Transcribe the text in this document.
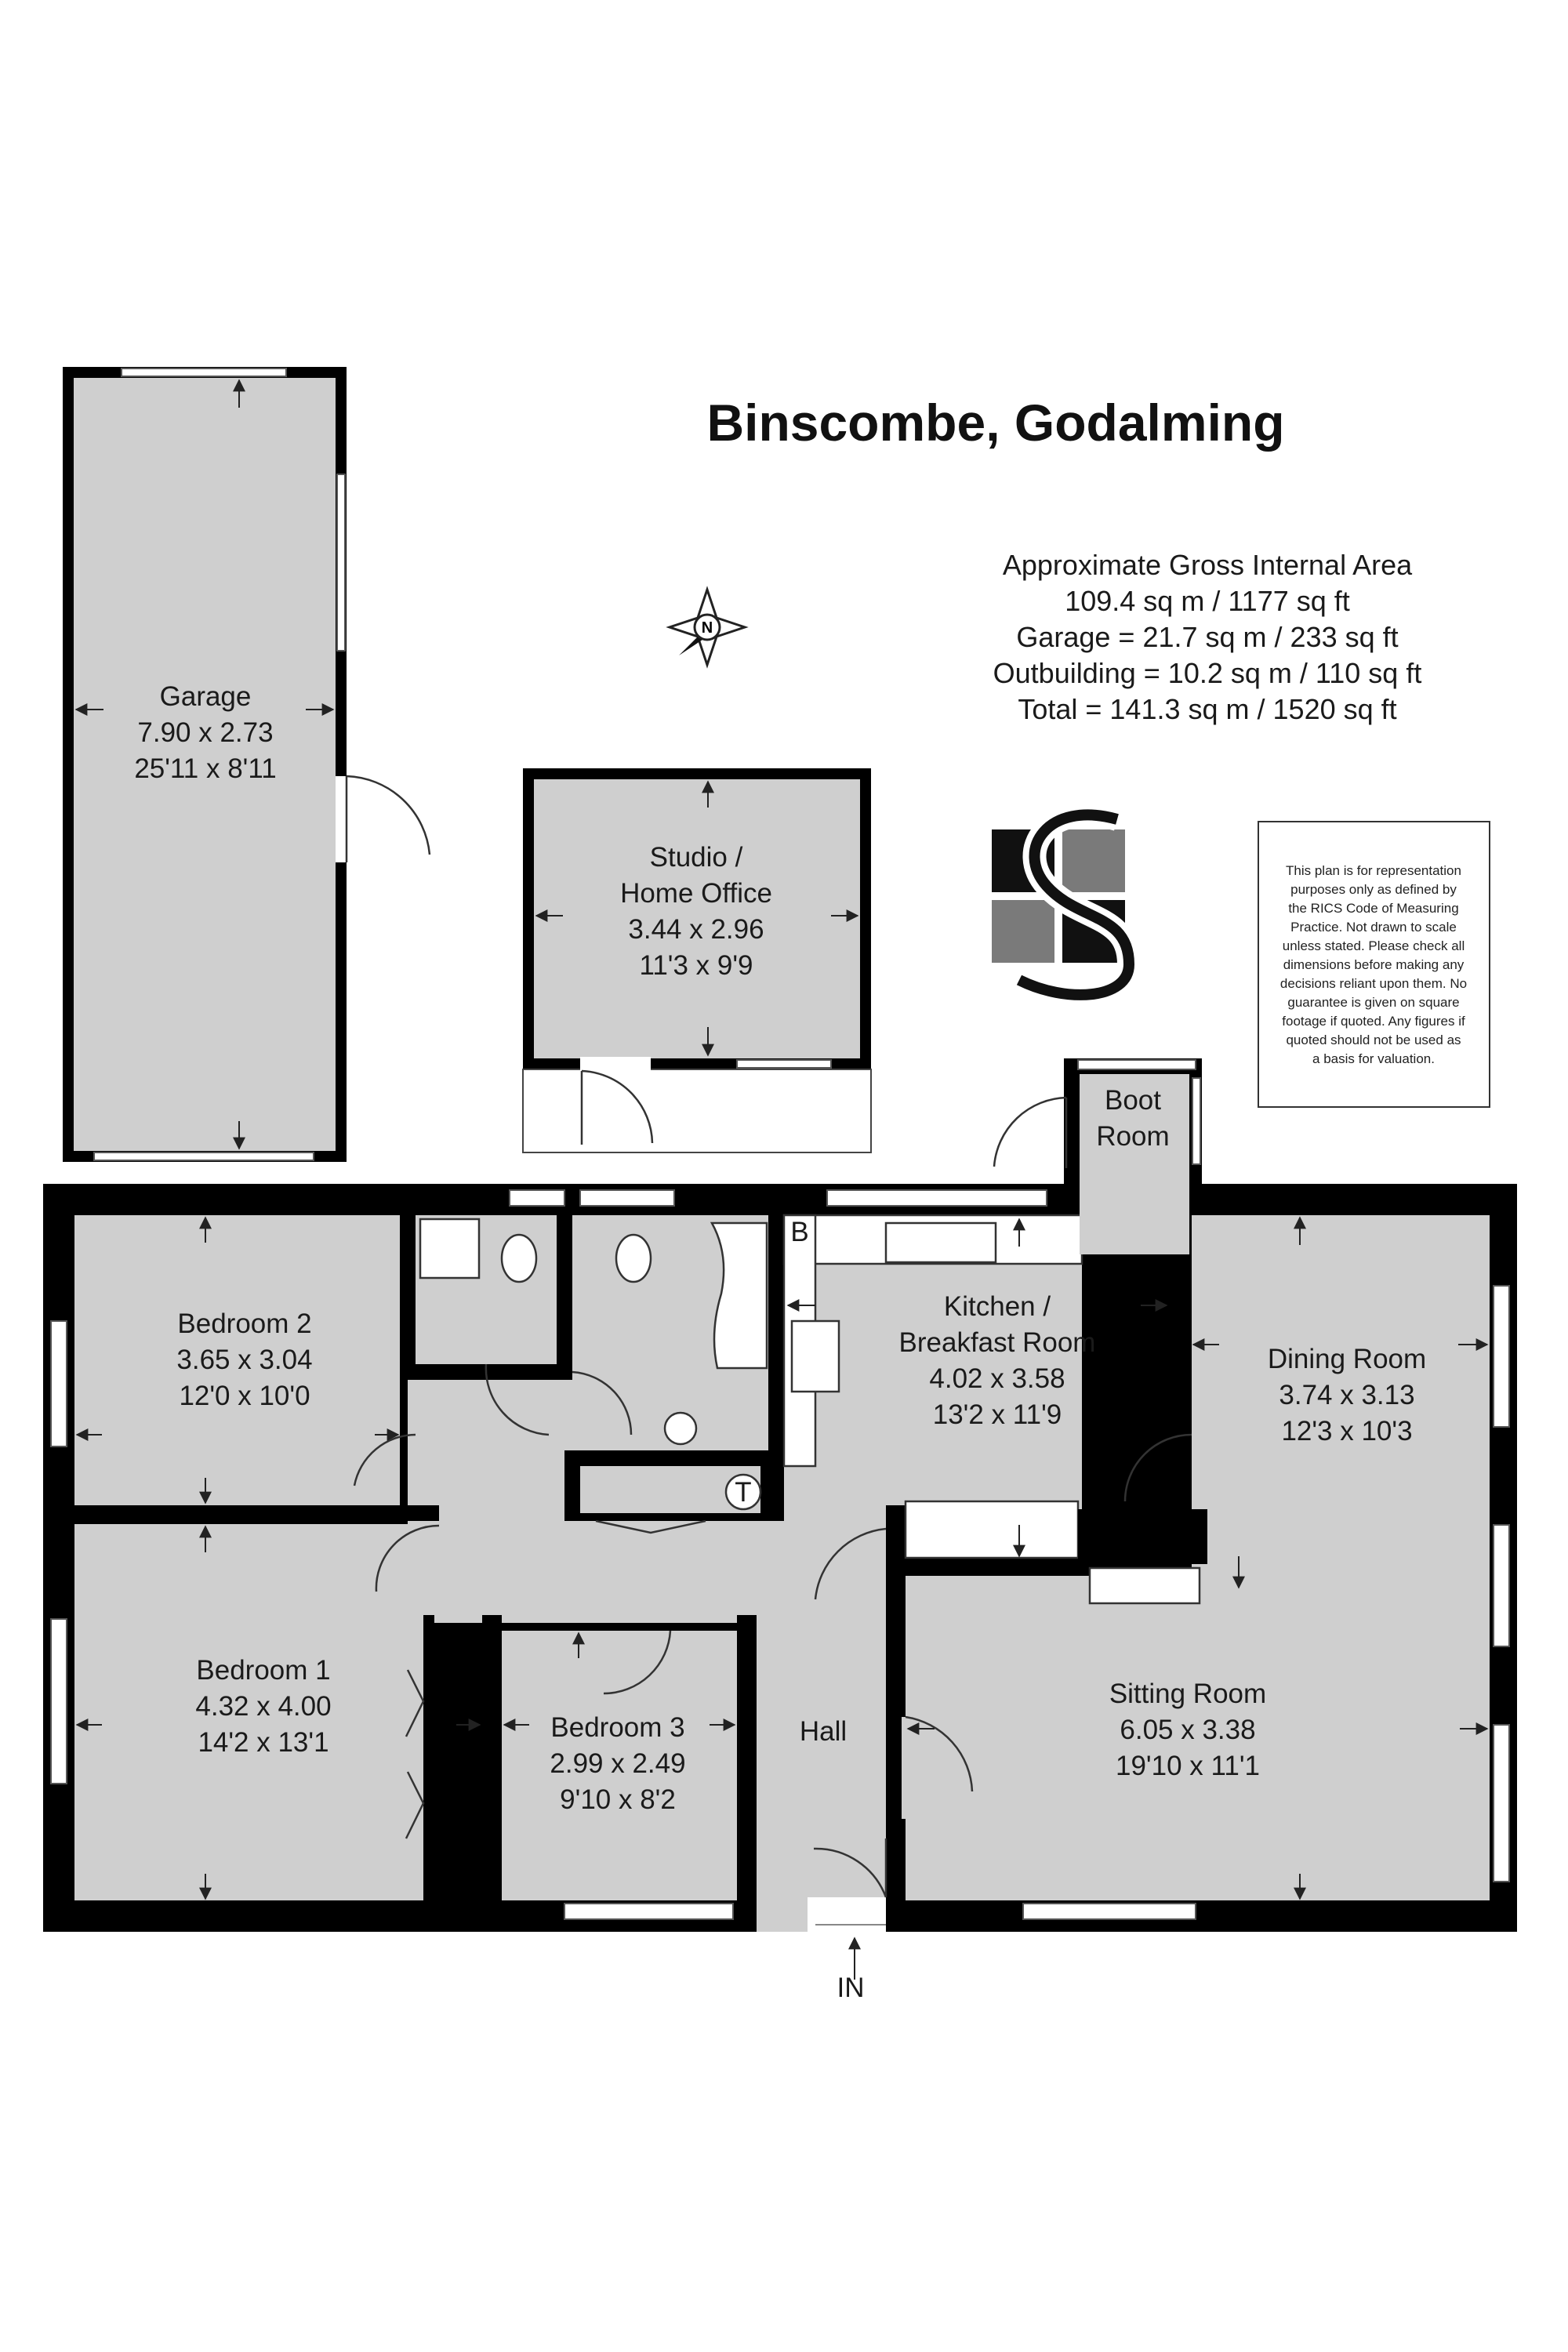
N
Garage
7.90 x 2.73
25'11 x 8'11
Studio /
Home Office
3.44 x 2.96
11'3 x 9'9
Boot
Room
Bedroom 2
3.65 x 3.04
12'0 x 10'0
Kitchen /
Breakfast Room
4.02 x 3.58
13'2 x 11'9
Dining Room
3.74 x 3.13
12'3 x 10'3
Bedroom 1
4.32 x 4.00
14'2 x 13'1	Bedroom 3
2.99 x 2.49
9'10 x 8'2
Hall
Sitting Room
6.05 x 3.38
19'10 x 11'1
Binscombe, Godalming
Approximate Gross Internal Area
109.4 sq m / 1177 sq ft
Garage = 21.7 sq m / 233 sq ft
Outbuilding = 10.2 sq m / 110 sq ft
Total = 141.3 sq m / 1520 sq ft
This plan is for representation
purposes only as defined by
the RICS Code of Measuring
Practice. Not drawn to scale
unless stated. Please check all
dimensions before making any
decisions reliant upon them. No
guarantee is given on square
footage if quoted. Any figures if
quoted should not be used as
a basis for valuation.
B
T
IN
